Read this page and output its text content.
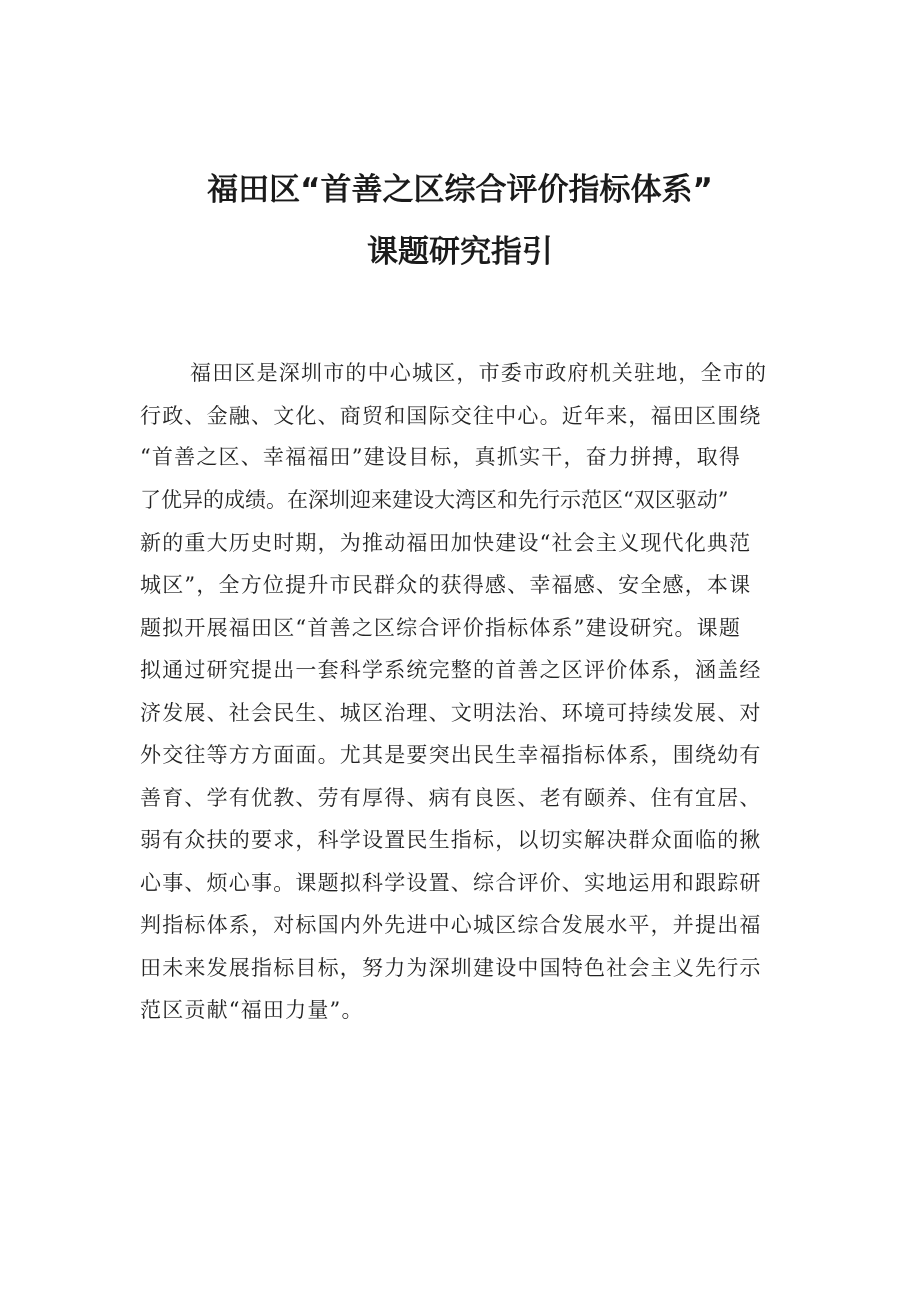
福田区“首善之区综合评价指标体系”
课题研究指引
福田区是深圳市的中心城区，市委市政府机关驻地，全市的
行政、金融、文化、商贸和国际交往中心。近年来，福田区围绕
“首善之区、幸福福田”建设目标，真抓实干，奋力拼搏，取得
了优异的成绩。在深圳迎来建设大湾区和先行示范区“双区驱动”
新的重大历史时期，为推动福田加快建设“社会主义现代化典范
城区”，全方位提升市民群众的获得感、幸福感、安全感，本课
题拟开展福田区“首善之区综合评价指标体系”建设研究。课题
拟通过研究提出一套科学系统完整的首善之区评价体系，涵盖经
济发展、社会民生、城区治理、文明法治、环境可持续发展、对
外交往等方方面面。尤其是要突出民生幸福指标体系，围绕幼有
善育、学有优教、劳有厚得、病有良医、老有颐养、住有宜居、
弱有众扶的要求，科学设置民生指标，以切实解决群众面临的揪
心事、烦心事。课题拟科学设置、综合评价、实地运用和跟踪研
判指标体系，对标国内外先进中心城区综合发展水平，并提出福
田未来发展指标目标，努力为深圳建设中国特色社会主义先行示
范区贡献“福田力量”。
